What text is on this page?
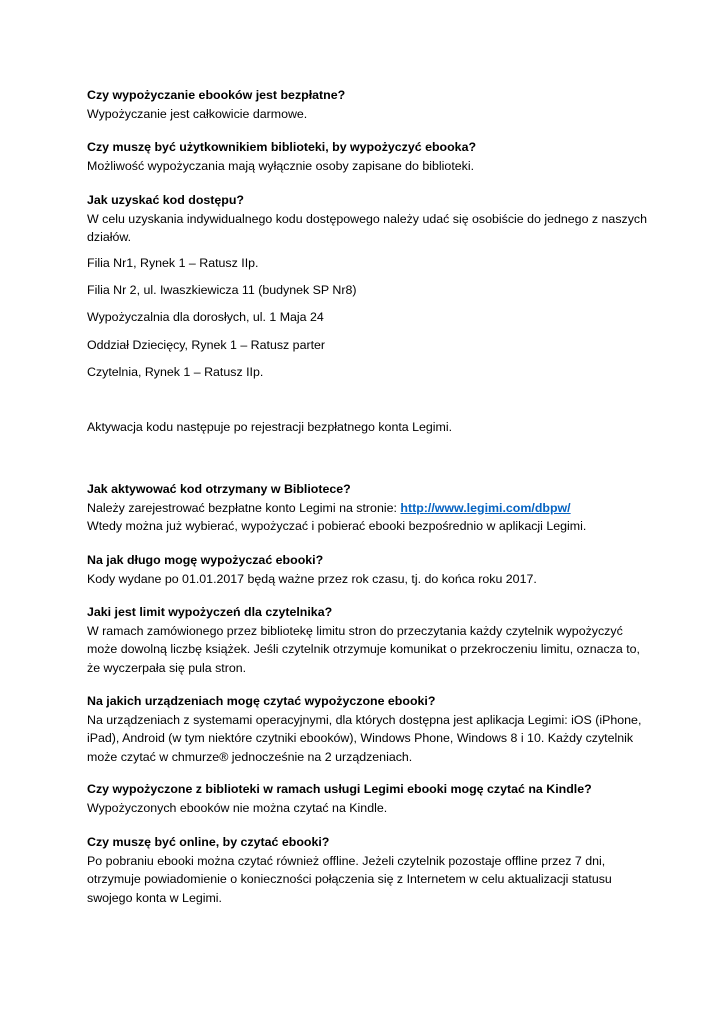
Czy wypożyczanie ebooków jest bezpłatne?

Wypożyczanie jest całkowicie darmowe.

Czy muszę być użytkownikiem biblioteki, by wypożyczyć ebooka?

Możliwość wypożyczania mają wyłącznie osoby zapisane do biblioteki.

Jak uzyskać kod dostępu?

W celu uzyskania indywidualnego kodu dostępowego należy udać się osobiście do jednego z naszych

działów.

Filia Nr1, Rynek 1 – Ratusz IIp.

Filia Nr 2, ul. Iwaszkiewicza 11 (budynek SP Nr8)

Wypożyczalnia dla dorosłych, ul. 1 Maja 24

Oddział Dziecięcy, Rynek 1 – Ratusz parter

Czytelnia, Rynek 1 – Ratusz IIp.

Aktywacja kodu następuje po rejestracji bezpłatnego konta Legimi.

Jak aktywować kod otrzymany w Bibliotece?

Należy zarejestrować bezpłatne konto Legimi na stronie: http://www.legimi.com/dbpw/

Wtedy można już wybierać, wypożyczać i pobierać ebooki bezpośrednio w aplikacji Legimi.

Na jak długo mogę wypożyczać ebooki?

Kody wydane po 01.01.2017 będą ważne przez rok czasu, tj. do końca roku 2017.

Jaki jest limit wypożyczeń dla czytelnika?

W ramach zamówionego przez bibliotekę limitu stron do przeczytania każdy czytelnik wypożyczyć

może dowolną liczbę książek. Jeśli czytelnik otrzymuje komunikat o przekroczeniu limitu, oznacza to,

że wyczerpała się pula stron.

Na jakich urządzeniach mogę czytać wypożyczone ebooki?

Na urządzeniach z systemami operacyjnymi, dla których dostępna jest aplikacja Legimi: iOS (iPhone,

iPad), Android (w tym niektóre czytniki ebooków), Windows Phone, Windows 8 i 10. Każdy czytelnik

może czytać w chmurze® jednocześnie na 2 urządzeniach.

Czy wypożyczone z biblioteki w ramach usługi Legimi ebooki mogę czytać na Kindle?

Wypożyczonych ebooków nie można czytać na Kindle.

Czy muszę być online, by czytać ebooki?

Po pobraniu ebooki można czytać również offline. Jeżeli czytelnik pozostaje offline przez 7 dni,

otrzymuje powiadomienie o konieczności połączenia się z Internetem w celu aktualizacji statusu

swojego konta w Legimi.
